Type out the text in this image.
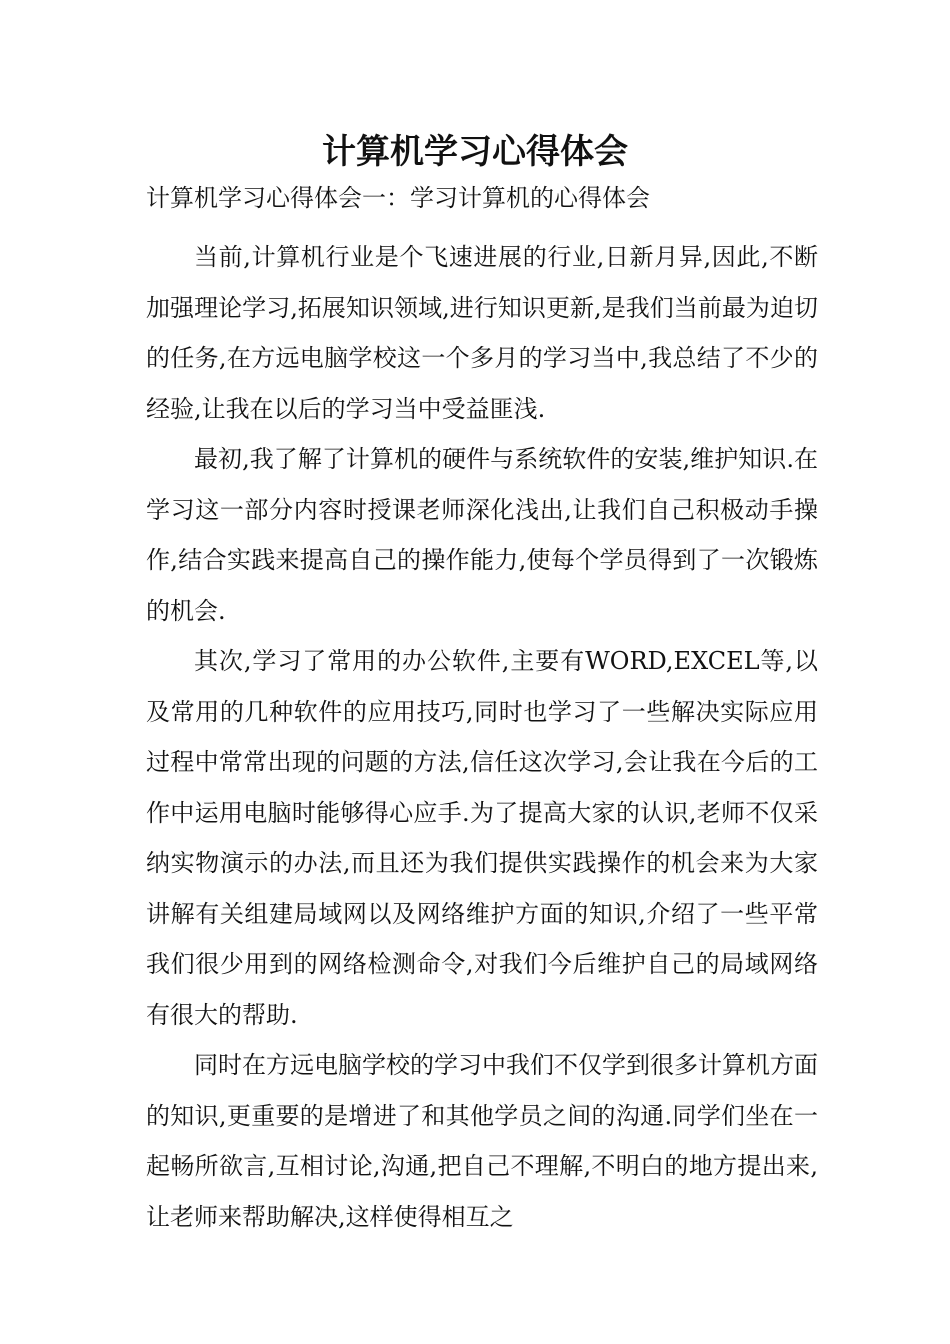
计算机学习心得体会

计算机学习心得体会一：学习计算机的心得体会

当前,计算机行业是个飞速进展的行业,日新月异,因此,不断加强理论学习,拓展知识领域,进行知识更新,是我们当前最为迫切的任务,在方远电脑学校这一个多月的学习当中,我总结了不少的经验,让我在以后的学习当中受益匪浅.

最初,我了解了计算机的硬件与系统软件的安装,维护知识.在学习这一部分内容时授课老师深化浅出,让我们自己积极动手操作,结合实践来提高自己的操作能力,使每个学员得到了一次锻炼的机会.

其次,学习了常用的办公软件,主要有WORD,EXCEL等,以及常用的几种软件的应用技巧,同时也学习了一些解决实际应用过程中常常出现的问题的方法,信任这次学习,会让我在今后的工作中运用电脑时能够得心应手.为了提高大家的认识,老师不仅采纳实物演示的办法,而且还为我们提供实践操作的机会来为大家讲解有关组建局域网以及网络维护方面的知识,介绍了一些平常我们很少用到的网络检测命令,对我们今后维护自己的局域网络有很大的帮助.

同时在方远电脑学校的学习中我们不仅学到很多计算机方面的知识,更重要的是增进了和其他学员之间的沟通.同学们坐在一起畅所欲言,互相讨论,沟通,把自己不理解,不明白的地方提出来,让老师来帮助解决,这样使得相互之
